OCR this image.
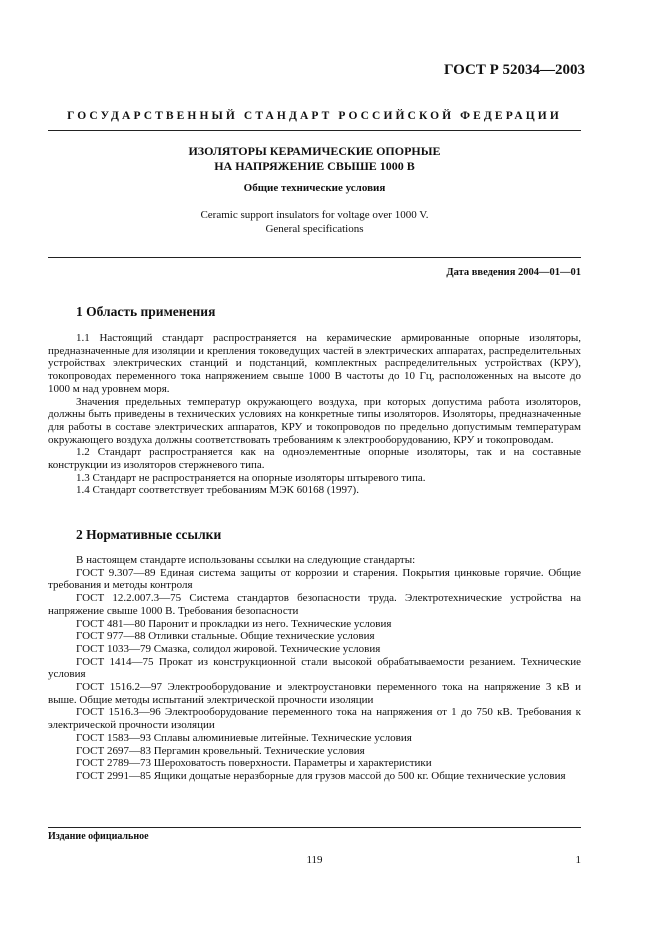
ГОСТ Р 52034—2003
ГОСУДАРСТВЕННЫЙ СТАНДАРТ РОССИЙСКОЙ ФЕДЕРАЦИИ
ИЗОЛЯТОРЫ КЕРАМИЧЕСКИЕ ОПОРНЫЕ
НА НАПРЯЖЕНИЕ СВЫШЕ 1000 В
Общие технические условия
Ceramic support insulators for voltage over 1000 V.
General specifications
Дата введения 2004—01—01
1 Область применения

1.1 Настоящий стандарт распространяется на керамические армированные опорные изоляторы, предназначенные для изоляции и крепления токоведущих частей в электрических аппаратах, распределительных устройствах электрических станций и подстанций, комплектных распределительных устройствах (КРУ), токопроводах переменного тока напряжением свыше 1000 В частоты до 10 Гц, расположенных на высоте до 1000 м над уровнем моря.

Значения предельных температур окружающего воздуха, при которых допустима работа изоляторов, должны быть приведены в технических условиях на конкретные типы изоляторов. Изоляторы, предназначенные для работы в составе электрических аппаратов, КРУ и токопроводов по предельно допустимым температурам окружающего воздуха должны соответствовать требованиям к электрооборудованию, КРУ и токопроводам.

1.2 Стандарт распространяется как на одноэлементные опорные изоляторы, так и на составные конструкции из изоляторов стержневого типа.

1.3 Стандарт не распространяется на опорные изоляторы штыревого типа.

1.4 Стандарт соответствует требованиям МЭК 60168 (1997).

2 Нормативные ссылки

В настоящем стандарте использованы ссылки на следующие стандарты:

ГОСТ 9.307—89 Единая система защиты от коррозии и старения. Покрытия цинковые горячие. Общие требования и методы контроля

ГОСТ 12.2.007.3—75 Система стандартов безопасности труда. Электротехнические устройства на напряжение свыше 1000 В. Требования безопасности

ГОСТ 481—80 Паронит и прокладки из него. Технические условия

ГОСТ 977—88 Отливки стальные. Общие технические условия

ГОСТ 1033—79 Смазка, солидол жировой. Технические условия

ГОСТ 1414—75 Прокат из конструкционной стали высокой обрабатываемости резанием. Технические условия

ГОСТ 1516.2—97 Электрооборудование и электроустановки переменного тока на напряжение 3 кВ и выше. Общие методы испытаний электрической прочности изоляции

ГОСТ 1516.3—96 Электрооборудование переменного тока на напряжения от 1 до 750 кВ. Требования к электрической прочности изоляции

ГОСТ 1583—93 Сплавы алюминиевые литейные. Технические условия

ГОСТ 2697—83 Пергамин кровельный. Технические условия

ГОСТ 2789—73 Шероховатость поверхности. Параметры и характеристики

ГОСТ 2991—85 Ящики дощатые неразборные для грузов массой до 500 кг. Общие технические условия

Издание официальное
119	1
